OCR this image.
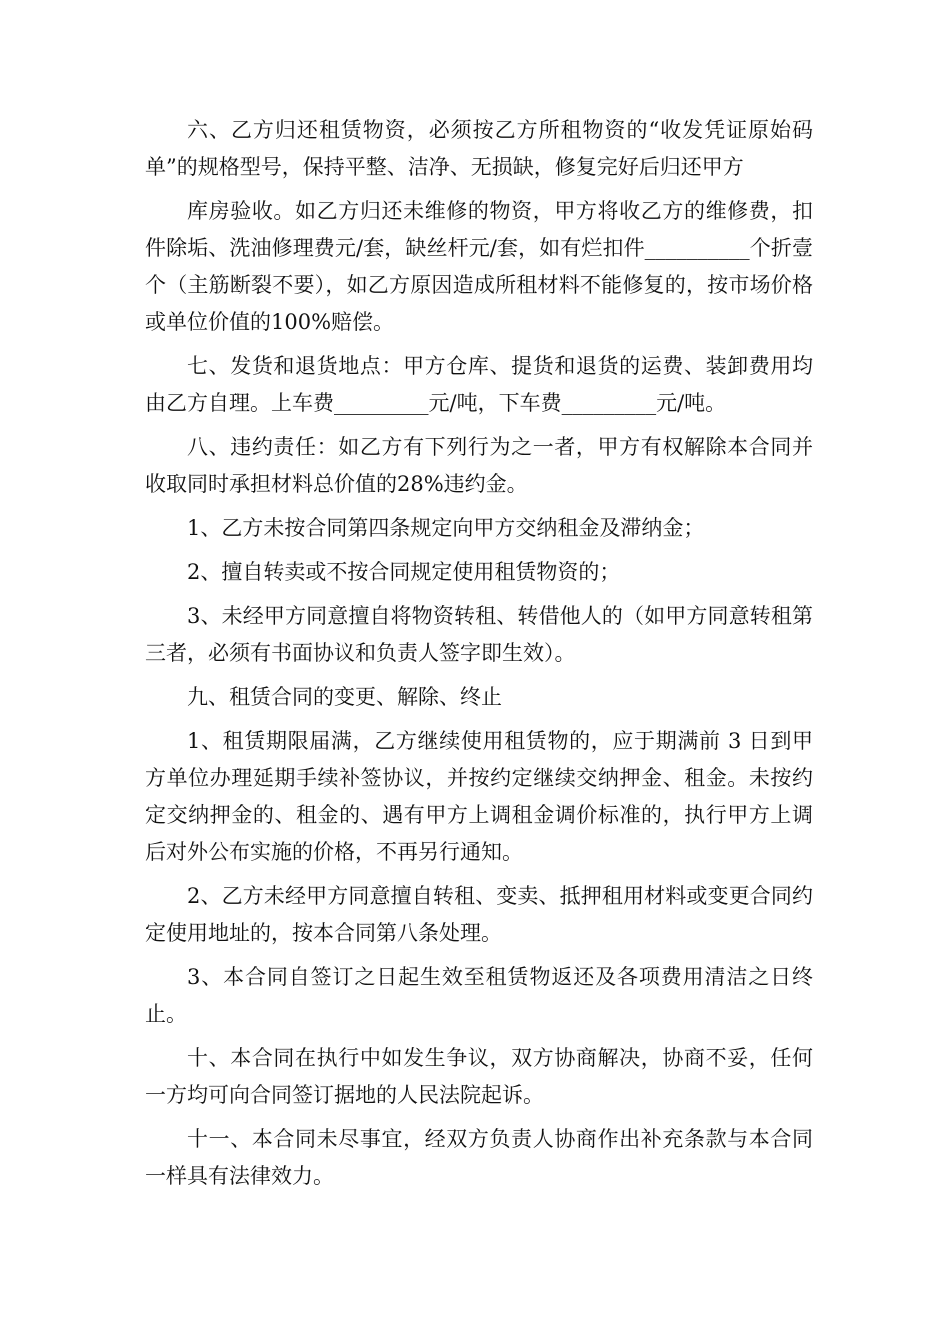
六、乙方归还租赁物资，必须按乙方所租物资的“收发凭证原始码单”的规格型号，保持平整、洁净、无损缺，修复完好后归还甲方

库房验收。如乙方归还未维修的物资，甲方将收乙方的维修费，扣件除垢、洗油修理费元/套，缺丝杆元/套，如有烂扣件__________个折壹个（主筋断裂不要），如乙方原因造成所租材料不能修复的，按市场价格或单位价值的100%赔偿。

七、发货和退货地点：甲方仓库、提货和退货的运费、装卸费用均由乙方自理。上车费_________元/吨，下车费_________元/吨。

八、违约责任：如乙方有下列行为之一者，甲方有权解除本合同并收取同时承担材料总价值的28%违约金。

1、乙方未按合同第四条规定向甲方交纳租金及滞纳金；

2、擅自转卖或不按合同规定使用租赁物资的；

3、未经甲方同意擅自将物资转租、转借他人的（如甲方同意转租第三者，必须有书面协议和负责人签字即生效）。

九、租赁合同的变更、解除、终止

1、租赁期限届满，乙方继续使用租赁物的，应于期满前 3 日到甲方单位办理延期手续补签协议，并按约定继续交纳押金、租金。未按约定交纳押金的、租金的、遇有甲方上调租金调价标准的，执行甲方上调后对外公布实施的价格，不再另行通知。

2、乙方未经甲方同意擅自转租、变卖、抵押租用材料或变更合同约定使用地址的，按本合同第八条处理。

3、本合同自签订之日起生效至租赁物返还及各项费用清洁之日终止。

十、本合同在执行中如发生争议，双方协商解决，协商不妥，任何一方均可向合同签订据地的人民法院起诉。

十一、本合同未尽事宜，经双方负责人协商作出补充条款与本合同一样具有法律效力。
